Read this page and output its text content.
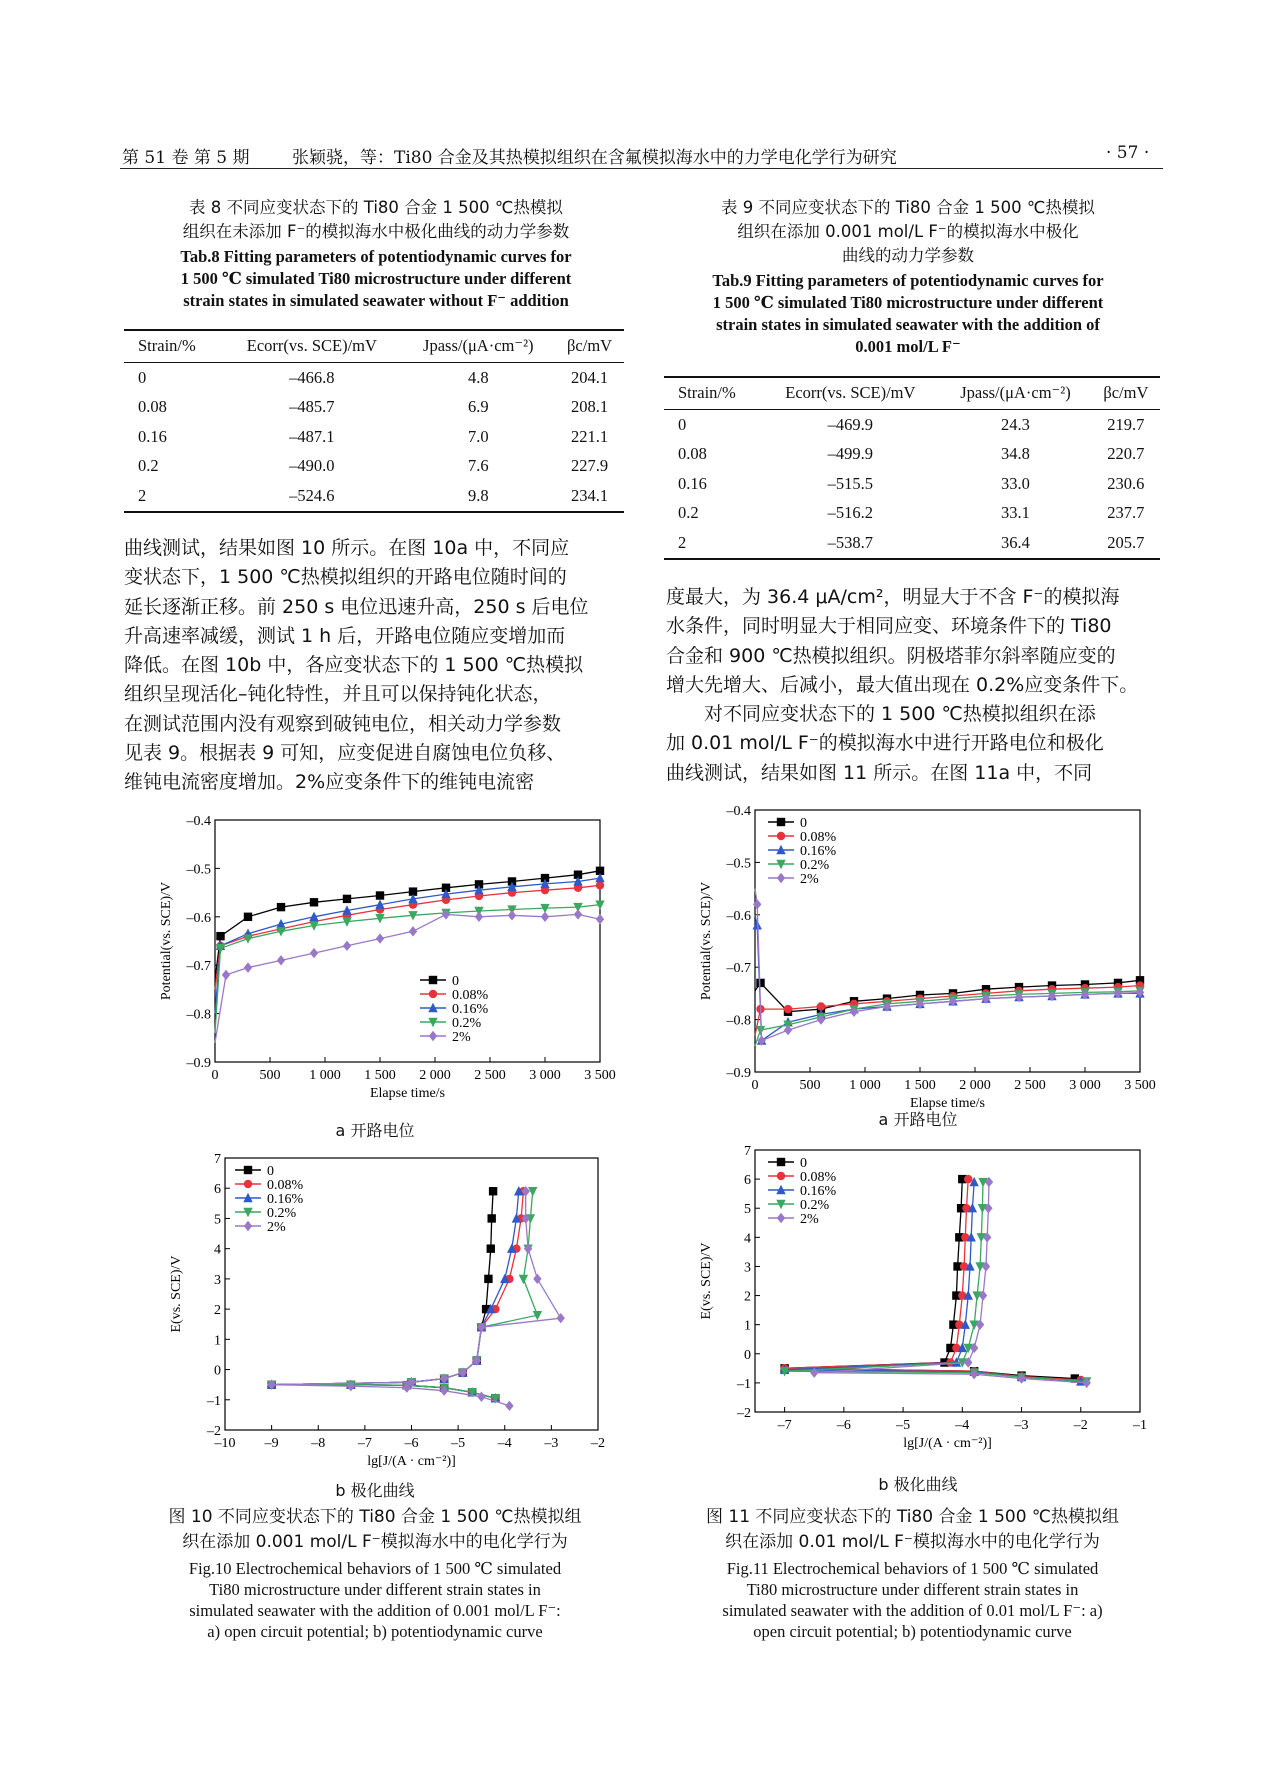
第 51 卷 第 5 期	张颖骁，等：Ti80 合金及其热模拟组织在含氟模拟海水中的力学电化学行为研究	· 57 ·
表 8 不同应变状态下的 Ti80 合金 1 500 ℃热模拟
组织在未添加 F⁻的模拟海水中极化曲线的动力学参数
Tab.8 Fitting parameters of potentiodynamic curves for
1 500 ℃ simulated Ti80 microstructure under different
strain states in simulated seawater without F⁻ addition
Strain/%	Ecorr(vs. SCE)/mV	Jpass/(μA·cm⁻²)	βc/mV
0	–466.8	4.8	204.1
0.08	–485.7	6.9	208.1
0.16	–487.1	7.0	221.1
0.2	–490.0	7.6	227.9
2	–524.6	9.8	234.1
表 9 不同应变状态下的 Ti80 合金 1 500 ℃热模拟
组织在添加 0.001 mol/L F⁻的模拟海水中极化
曲线的动力学参数
Tab.9 Fitting parameters of potentiodynamic curves for
1 500 ℃ simulated Ti80 microstructure under different
strain states in simulated seawater with the addition of
0.001 mol/L F⁻
Strain/%	Ecorr(vs. SCE)/mV	Jpass/(μA·cm⁻²)	βc/mV
0	–469.9	24.3	219.7
0.08	–499.9	34.8	220.7
0.16	–515.5	33.0	230.6
0.2	–516.2	33.1	237.7
2	–538.7	36.4	205.7
曲线测试，结果如图 10 所示。在图 10a 中，不同应
变状态下，1 500 ℃热模拟组织的开路电位随时间的
延长逐渐正移。前 250 s 电位迅速升高，250 s 后电位
升高速率减缓，测试 1 h 后，开路电位随应变增加而
降低。在图 10b 中，各应变状态下的 1 500 ℃热模拟
组织呈现活化–钝化特性，并且可以保持钝化状态，
在测试范围内没有观察到破钝电位，相关动力学参数
见表 9。根据表 9 可知，应变促进自腐蚀电位负移、
维钝电流密度增加。2%应变条件下的维钝电流密
度最大，为 36.4 μA/cm²，明显大于不含 F⁻的模拟海
水条件，同时明显大于相同应变、环境条件下的 Ti80
合金和 900 ℃热模拟组织。阴极塔菲尔斜率随应变的
增大先增大、后减小，最大值出现在 0.2%应变条件下。
　　对不同应变状态下的 1 500 ℃热模拟组织在添
加 0.01 mol/L F⁻的模拟海水中进行开路电位和极化
曲线测试，结果如图 11 所示。在图 11a 中，不同
0	500 1 000 1 500 2 000 2 500 3 000 3 500
–0.9
–0.8
–0.7
–0.6
–0.5
–0.4
Elapse time/s
Potential(vs. SCE)/V	0
0.08%
0.16%
0.2%
2%
a 开路电位
–10 –9 –8 –7 –6 –5 –4 –3 –2
–2
–1
0
1
2
3
4
5
6
7
lg[J/(A · cm⁻²)]
E(vs. SCE)/V
0
0.08%
0.16%
0.2%
2%
b 极化曲线
0	500 1 000 1 500 2 000 2 500 3 000 3 500
–0.9
–0.8
–0.7
–0.6
–0.5
–0.4
Elapse time/s
Potential(vs. SCE)/V
0
0.08%
0.16%
0.2%
2%
a 开路电位
–7	–6	–5	–4	–3	–2	–1
–2
–1
0
1
2
3
4
5
6
7
lg[J/(A · cm⁻²)]
E(vs. SCE)/V
0
0.08%
0.16%
0.2%
2%
b 极化曲线
图 10 不同应变状态下的 Ti80 合金 1 500 ℃热模拟组
织在添加 0.001 mol/L F⁻模拟海水中的电化学行为
Fig.10 Electrochemical behaviors of 1 500 ℃ simulated
Ti80 microstructure under different strain states in
simulated seawater with the addition of 0.001 mol/L F⁻:
a) open circuit potential; b) potentiodynamic curve
图 11 不同应变状态下的 Ti80 合金 1 500 ℃热模拟组
织在添加 0.01 mol/L F⁻模拟海水中的电化学行为
Fig.11 Electrochemical behaviors of 1 500 ℃ simulated
Ti80 microstructure under different strain states in
simulated seawater with the addition of 0.01 mol/L F⁻: a)
open circuit potential; b) potentiodynamic curve
